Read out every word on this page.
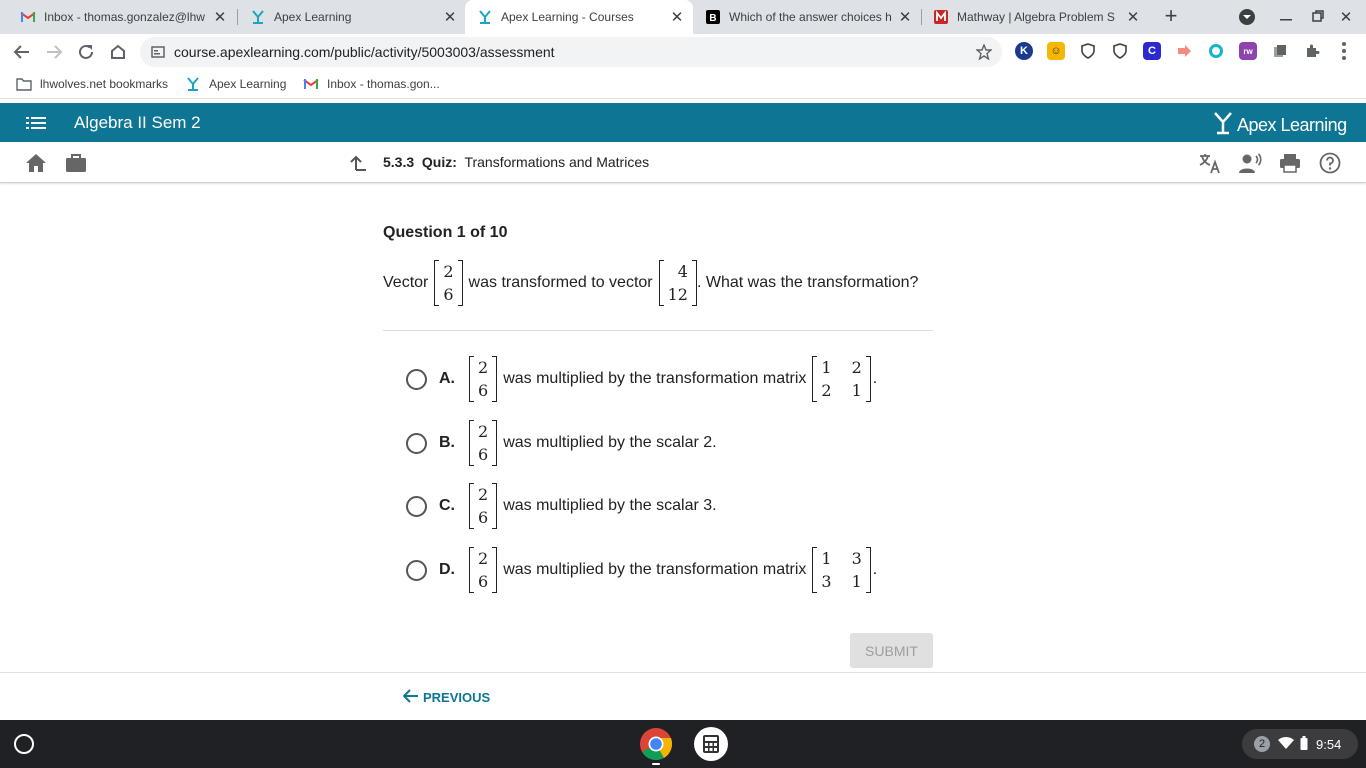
Inbox - thomas.gonzalez@lhw ✕	Apex Learning	✕	Apex Learning - Courses	✕	B Which of the answer choices h ✕	Mathway | Algebra Problem S ✕ +	✕
course.apexlearning.com/public/activity/5003003/assessment	K	☺	C	rw
lhwolves.net bookmarks	Apex Learning	Inbox - thomas.gon...
Algebra II Sem 2	Apex Learning
5.3.3 Quiz: Transformations and Matrices
Question 1 of 10
Vector
2
6
was transformed to vector
4
12
. What was the transformation?
A.
2
6
was multiplied by the transformation matrix
1
2
2
1
.
B.
2
6
was multiplied by the scalar 2.
C.
2
6
was multiplied by the scalar 3.
D.
2
6
was multiplied by the transformation matrix
1
3
3
1
.
SUBMIT
PREVIOUS
2	9:54
